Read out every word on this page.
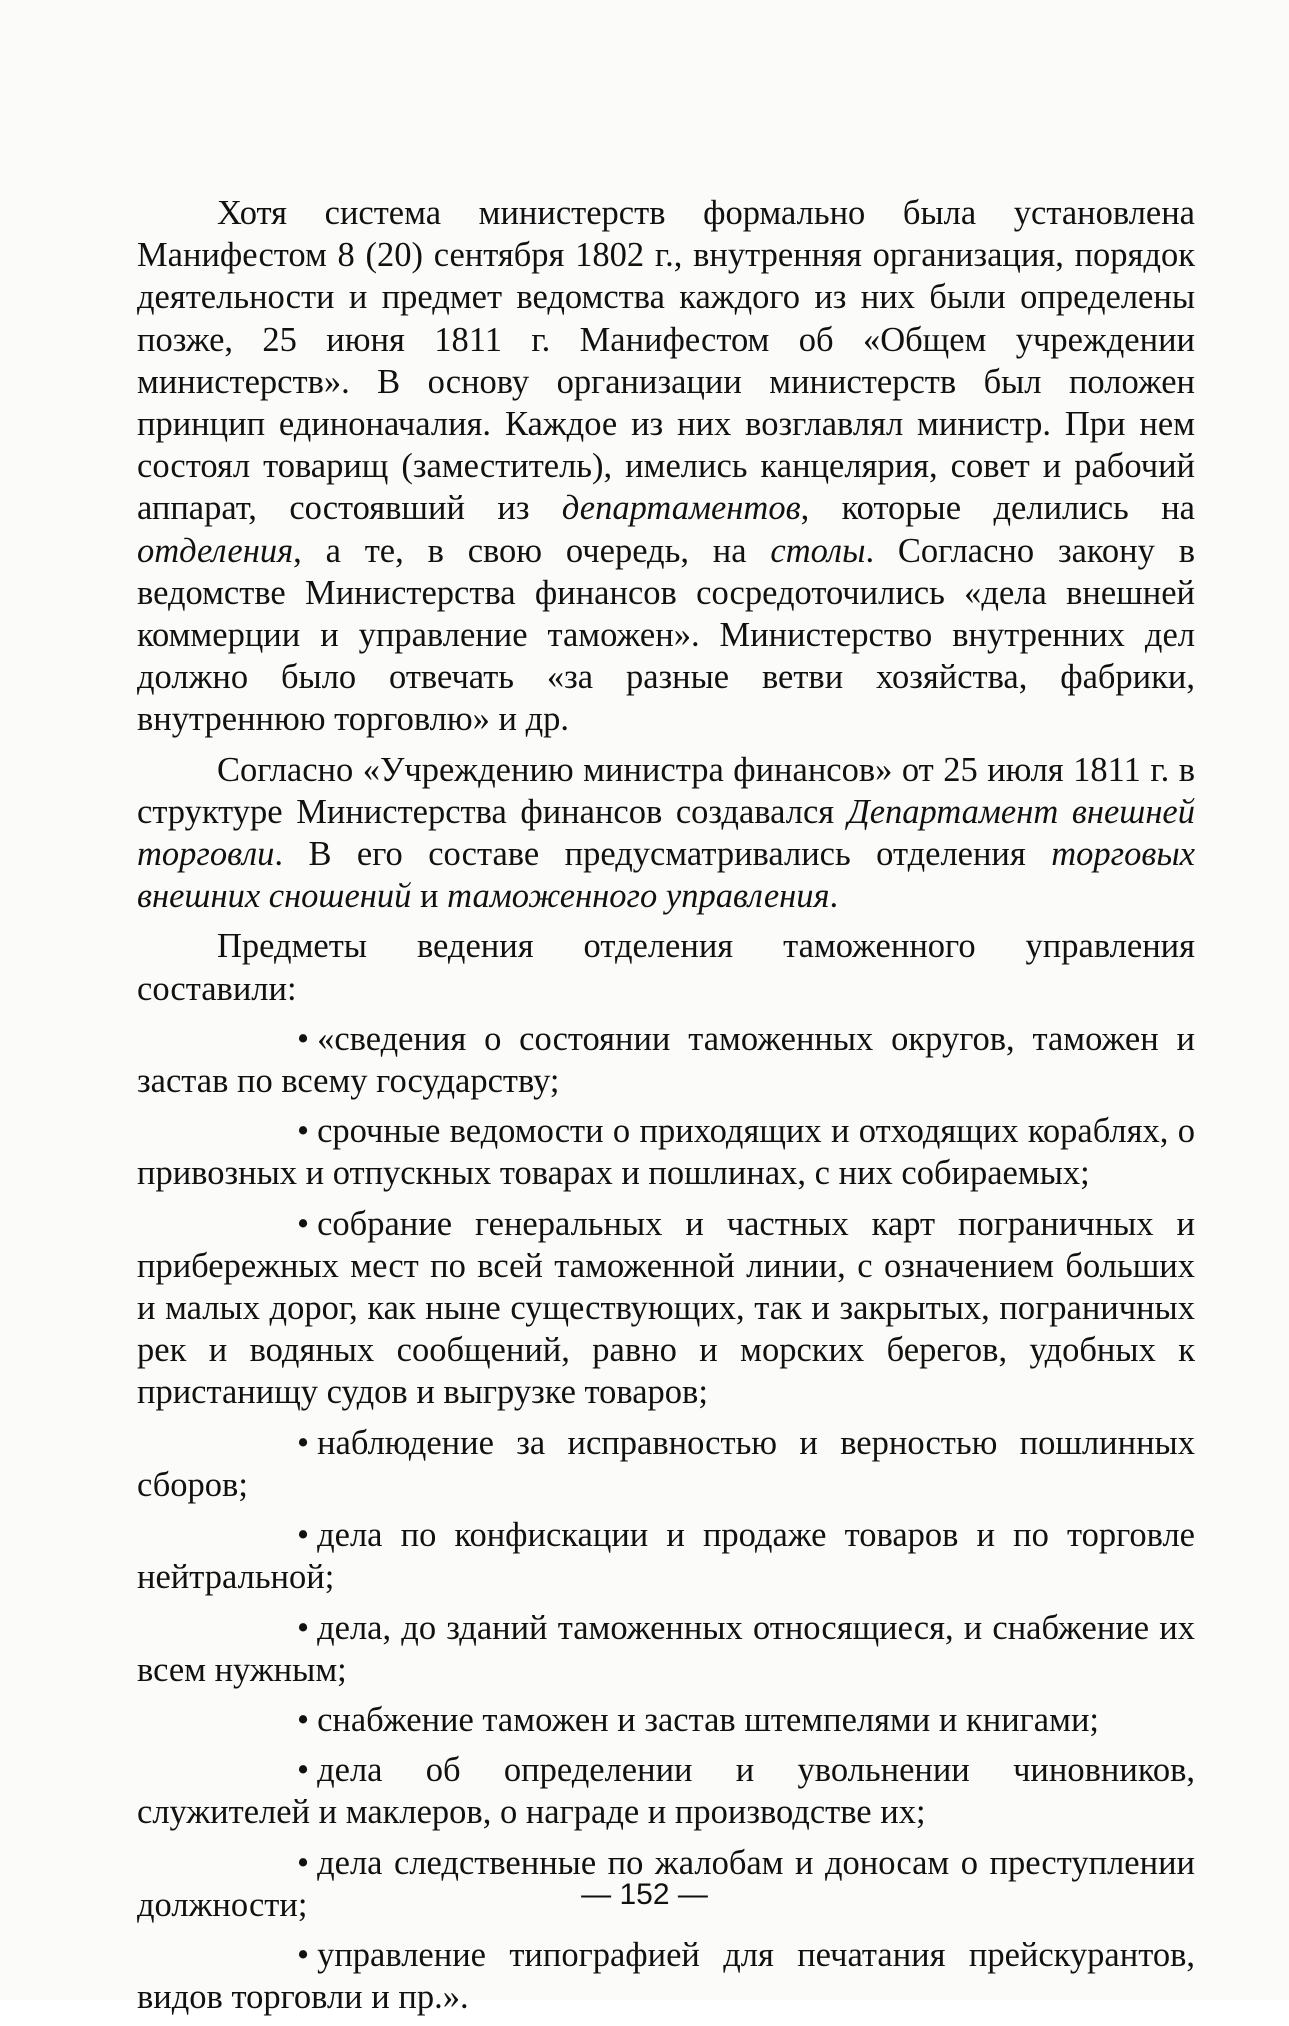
Хотя система министерств формально была установлена Манифестом 8 (20) сентября 1802 г., внутренняя организация, порядок деятельности и предмет ведомства каждого из них были определены позже, 25 июня 1811 г. Манифестом об «Общем учреждении министерств». В основу организации министерств был положен принцип единоначалия. Каждое из них возглавлял министр. При нем состоял товарищ (заместитель), имелись канцелярия, совет и рабочий аппарат, состоявший из департаментов, которые делились на отделения, а те, в свою очередь, на столы. Согласно закону в ведомстве Министерства финансов сосредоточились «дела внешней коммерции и управление таможен». Министерство внутренних дел должно было отвечать «за разные ветви хозяйства, фабрики, внутреннюю торговлю» и др.

Согласно «Учреждению министра финансов» от 25 июля 1811 г. в структуре Министерства финансов создавался Департамент внешней торговли. В его составе предусматривались отделения торговых внешних сношений и таможенного управления.

Предметы ведения отделения таможенного управления составили:

• «сведения о состоянии таможенных округов, таможен и застав по всему государству;

• срочные ведомости о приходящих и отходящих кораблях, о привозных и отпускных товарах и пошлинах, с них собираемых;

• собрание генеральных и частных карт пограничных и прибережных мест по всей таможенной линии, с означением больших и малых дорог, как ныне существующих, так и закрытых, пограничных рек и водяных сообщений, равно и морских берегов, удобных к пристанищу судов и выгрузке товаров;

• наблюдение за исправностью и верностью пошлинных сборов;

• дела по конфискации и продаже товаров и по торговле нейтральной;

• дела, до зданий таможенных относящиеся, и снабжение их всем нужным;

• снабжение таможен и застав штемпелями и книгами;

• дела об определении и увольнении чиновников, служителей и маклеров, о награде и производстве их;

• дела следственные по жалобам и доносам о преступлении должности;

• управление типографией для печатания прейскурантов, видов торговли и пр.».

— 152 —
